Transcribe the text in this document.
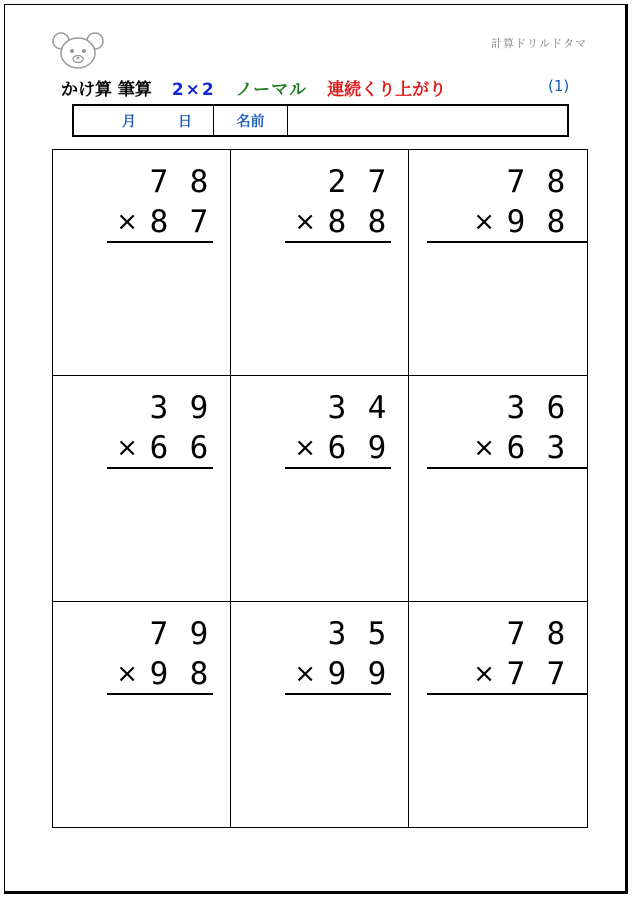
計算ドリルドタマ
かけ算 筆算 2×2 ノーマル 連続くり上がり	(1)
月	日	名前
7 8
× 8 7
2 7
× 8 8
7 8
× 9 8
3 9
× 6 6
3 4
× 6 9
3 6
× 6 3
7 9
× 9 8
3 5
× 9 9
7 8
× 7 7
